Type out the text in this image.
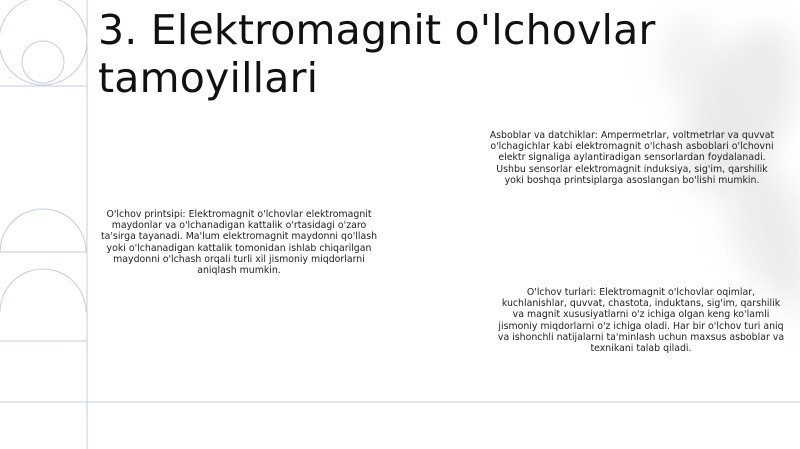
3. Elektromagnit o'lchovlar tamoyillari

Asboblar va datchiklar: Ampermetrlar, voltmetrlar va quvvat o'lchagichlar kabi elektromagnit o'lchash asboblari o'lchovni elektr signaliga aylantiradigan sensorlardan foydalanadi. Ushbu sensorlar elektromagnit induksiya, sig'im, qarshilik yoki boshqa printsiplarga asoslangan bo'lishi mumkin.

O'lchov printsipi: Elektromagnit o'lchovlar elektromagnit maydonlar va o'lchanadigan kattalik o'rtasidagi o'zaro ta'sirga tayanadi. Ma'lum elektromagnit maydonni qo'llash yoki o'lchanadigan kattalik tomonidan ishlab chiqarilgan maydonni o'lchash orqali turli xil jismoniy miqdorlarni aniqlash mumkin.

O'lchov turlari: Elektromagnit o'lchovlar oqimlar, kuchlanishlar, quvvat, chastota, induktans, sig'im, qarshilik va magnit xususiyatlarni o'z ichiga olgan keng ko'lamli jismoniy miqdorlarni o'z ichiga oladi. Har bir o'lchov turi aniq va ishonchli natijalarni ta'minlash uchun maxsus asboblar va texnikani talab qiladi.
